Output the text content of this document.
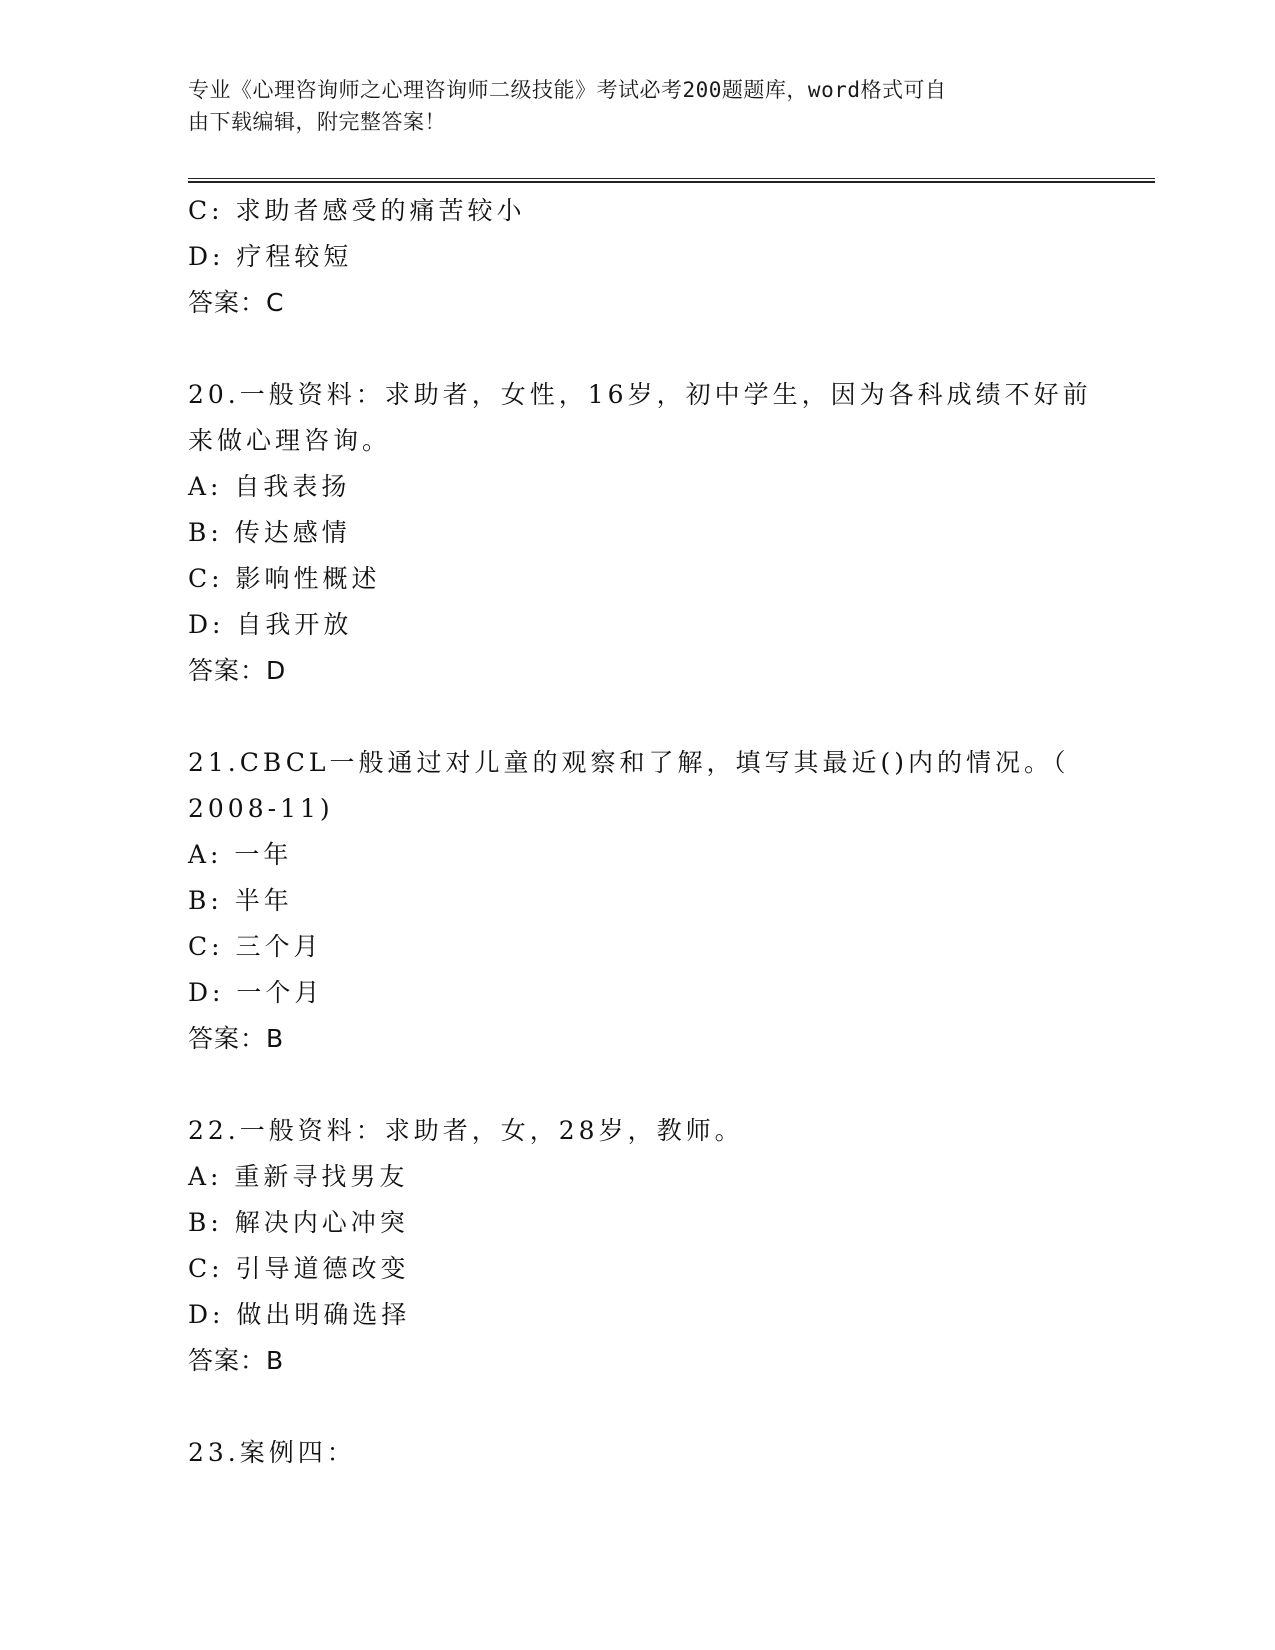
专业《心理咨询师之心理咨询师二级技能》考试必考200题题库，word格式可自
由下载编辑，附完整答案！
C: 求助者感受的痛苦较小
D: 疗程较短
答案：C
20.一般资料：求助者，女性，16岁，初中学生，因为各科成绩不好前
来做心理咨询。
A: 自我表扬
B: 传达感情
C: 影响性概述
D: 自我开放
答案：D
21.CBCL一般通过对儿童的观察和了解，填写其最近()内的情况。（
2008-11)
A: 一年
B: 半年
C: 三个月
D: 一个月
答案：B
22.一般资料：求助者，女，28岁，教师。
A: 重新寻找男友
B: 解决内心冲突
C: 引导道德改变
D: 做出明确选择
答案：B
23.案例四：
